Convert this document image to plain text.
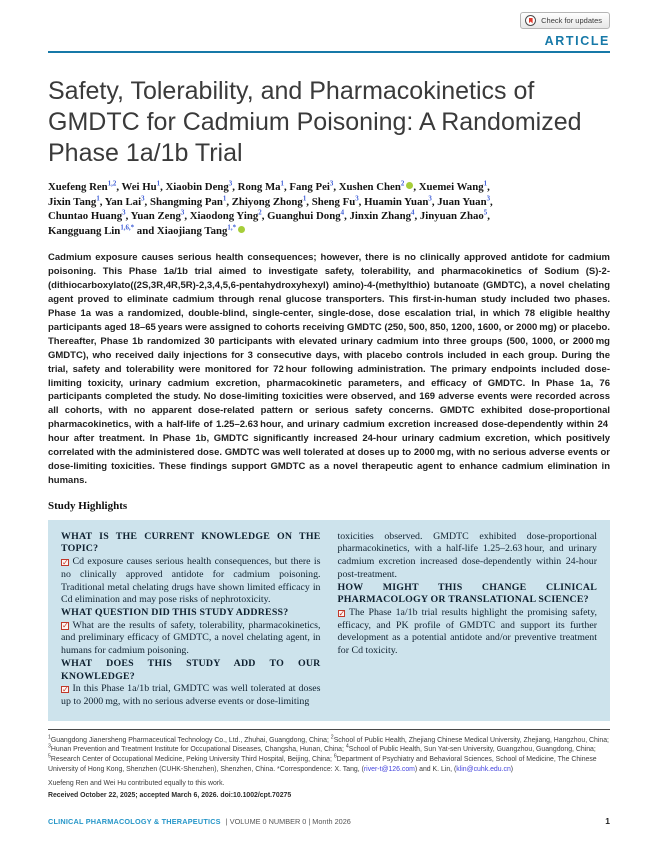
Check for updates
ARTICLE
Safety, Tolerability, and Pharmacokinetics of
GMDTC for Cadmium Poisoning: A Randomized
Phase 1a/1b Trial
Xuefeng Ren$^{1,2}$, Wei Hu$^1$, Xiaobin Deng$^3$, Rong Ma$^1$, Fang Pei$^3$, Xushen Chen$^2$ , Xuemei Wang$^1$,
Jixin Tang$^1$, Yan Lai$^3$, Shangming Pan$^1$, Zhiyong Zhong$^1$, Sheng Fu$^3$, Huamin Yuan$^3$, Juan Yuan$^3$,
Chuntao Huang$^3$, Yuan Zeng$^3$, Xiaodong Ying$^2$, Guanghui Dong$^4$, Jinxin Zhang$^4$, Jinyuan Zhao$^5$,
Kangguang Lin$^{1,6,*}$ and Xiaojiang Tang$^{1,*}$
Cadmium exposure causes serious health consequences; however, there is no clinically approved antidote for cadmium poisoning. This Phase 1a/1b trial aimed to investigate safety, tolerability, and pharmacokinetics of Sodium (S)-2-(dithiocarboxylato((2S,3R,4R,5R)-2,3,4,5,6-pentahydroxyhexyl) amino)-4-(methylthio) butanoate (GMDTC), a novel chelating agent proved to eliminate cadmium through renal glucose transporters. This first-in-human study included two phases. Phase 1a was a randomized, double-blind, single-center, single-dose, dose escalation trial, in which 78 eligible healthy participants aged 18–65 years were assigned to cohorts receiving GMDTC (250, 500, 850, 1200, 1600, or 2000 mg) or placebo. Thereafter, Phase 1b randomized 30 participants with elevated urinary cadmium into three groups (500, 1000, or 2000 mg GMDTC), who received daily injections for 3 consecutive days, with placebo controls included in each group. During the trial, safety and tolerability were monitored for 72 hour following administration. The primary endpoints included dose-limiting toxicity, urinary cadmium excretion, pharmacokinetic parameters, and efficacy of GMDTC. In Phase 1a, 76 participants completed the study. No dose-limiting toxicities were observed, and 169 adverse events were recorded across all cohorts, with no apparent dose-related pattern or serious safety concerns. GMDTC exhibited dose-proportional pharmacokinetics, with a half-life of 1.25–2.63 hour, and urinary cadmium excretion increased dose-dependently within 24 hour after treatment. In Phase 1b, GMDTC significantly increased 24-hour urinary cadmium excretion, which positively correlated with the administered dose. GMDTC was well tolerated at doses up to 2000 mg, with no serious adverse events or dose-limiting toxicities. These findings support GMDTC as a novel therapeutic agent to enhance cadmium elimination in humans.
Study Highlights
WHAT IS THE CURRENT KNOWLEDGE ON THE TOPIC?
✓ Cd exposure causes serious health consequences, but there is no clinically approved antidote for cadmium poisoning. Traditional metal chelating drugs have shown limited efficacy in Cd elimination and may pose risks of nephrotoxicity.
WHAT QUESTION DID THIS STUDY ADDRESS?
✓ What are the results of safety, tolerability, pharmacokinetics, and preliminary efficacy of GMDTC, a novel chelating agent, in humans for cadmium poisoning.
WHAT DOES THIS STUDY ADD TO OUR KNOWLEDGE?
✓ In this Phase 1a/1b trial, GMDTC was well tolerated at doses up to 2000 mg, with no serious adverse events or dose-limiting
toxicities observed. GMDTC exhibited dose-proportional pharmacokinetics, with a half-life 1.25–2.63 hour, and urinary cadmium excretion increased dose-dependently within 24-hour post-treatment.
HOW MIGHT THIS CHANGE CLINICAL PHARMACOLOGY OR TRANSLATIONAL SCIENCE?
✓ The Phase 1a/1b trial results highlight the promising safety, efficacy, and PK profile of GMDTC and support its further development as a potential antidote and/or preventive treatment for Cd toxicity.
$^1$Guangdong Jianersheng Pharmaceutical Technology Co., Ltd., Zhuhai, Guangdong, China; $^2$School of Public Health, Zhejiang Chinese Medical University, Zhejiang, Hangzhou, China; $^3$Hunan Prevention and Treatment Institute for Occupational Diseases, Changsha, Hunan, China; $^4$School of Public Health, Sun Yat-sen University, Guangzhou, Guangdong, China; $^5$Research Center of Occupational Medicine, Peking University Third Hospital, Beijing, China; $^6$Department of Psychiatry and Behavioral Sciences, School of Medicine, The Chinese University of Hong Kong, Shenzhen (CUHK-Shenzhen), Shenzhen, China. *Correspondence: X. Tang, (river-t@126.com) and K. Lin, (klin@cuhk.edu.cn)
Xuefeng Ren and Wei Hu contributed equally to this work.
Received October 22, 2025; accepted March 6, 2026. doi:10.1002/cpt.70275
CLINICAL PHARMACOLOGY & THERAPEUTICS | VOLUME 0 NUMBER 0 | Month 2026	1
